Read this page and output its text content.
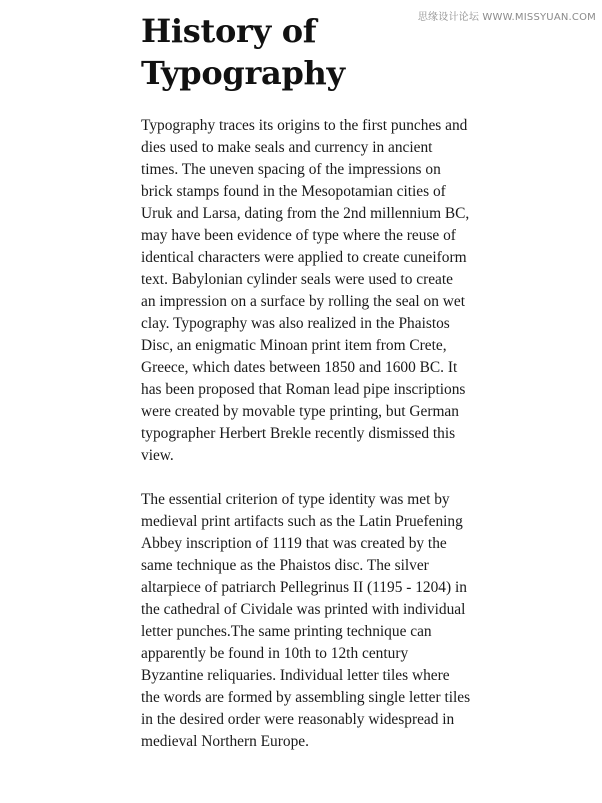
思缘设计论坛 WWW.MISSYUAN.COM
History of Typography

Typography traces its origins to the first punches and dies used to make seals and currency in ancient times. The uneven spacing of the impressions on brick stamps found in the Mesopotamian cities of Uruk and Larsa, dating from the 2nd millennium BC, may have been evidence of type where the reuse of identical characters were applied to create cuneiform text. Babylonian cylinder seals were used to create an impression on a surface by rolling the seal on wet clay. Typography was also realized in the Phaistos Disc, an enigmatic Minoan print item from Crete, Greece, which dates between 1850 and 1600 BC. It has been proposed that Roman lead pipe inscriptions were created by movable type printing, but German typographer Herbert Brekle recently dismissed this view.

The essential criterion of type identity was met by medieval print artifacts such as the Latin Pruefening Abbey inscription of 1119 that was created by the same technique as the Phaistos disc. The silver altarpiece of patriarch Pellegrinus II (1195 - 1204) in the cathedral of Cividale was printed with individual letter punches.The same printing technique can apparently be found in 10th to 12th century Byzantine reliquaries. Individual letter tiles where the words are formed by assembling single letter tiles in the desired order were reasonably widespread in medieval Northern Europe.
